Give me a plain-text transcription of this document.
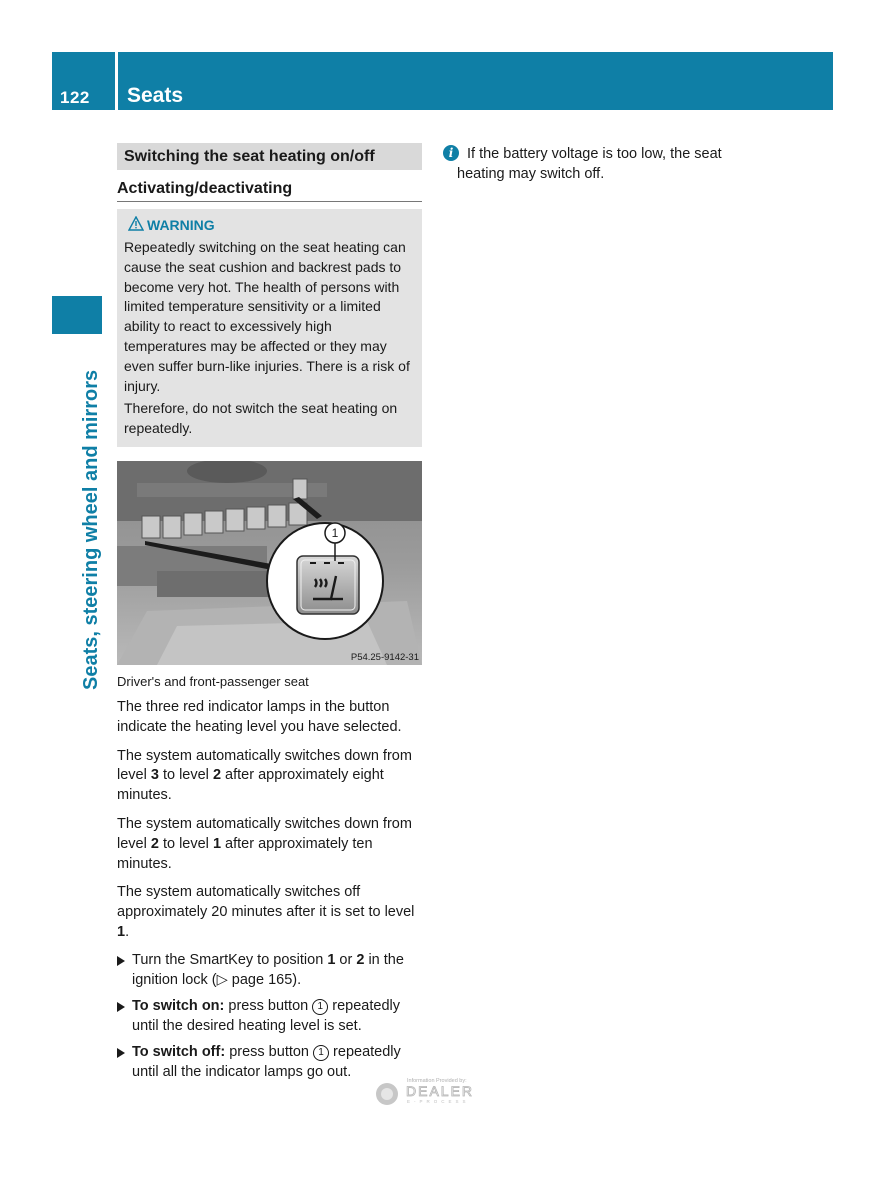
122 Seats
Seats, steering wheel and mirrors
Switching the seat heating on/off
Activating/deactivating
WARNING

Repeatedly switching on the seat heating can cause the seat cushion and backrest pads to become very hot. The health of persons with limited temperature sensitivity or a limited ability to react to excessively high temperatures may be affected or they may even suffer burn-like injuries. There is a risk of injury.

Therefore, do not switch the seat heating on repeatedly.

1
P54.25-9142-31
Driver's and front-passenger seat

The three red indicator lamps in the button indicate the heating level you have selected.

The system automatically switches down from level 3 to level 2 after approximately eight minutes.

The system automatically switches down from level 2 to level 1 after approximately ten minutes.

The system automatically switches off approximately 20 minutes after it is set to level 1.

Turn the SmartKey to position 1 or 2 in the ignition lock (▷ page 165).
To switch on: press button 1 repeatedly until the desired heating level is set.
To switch off: press button 1 repeatedly until all the indicator lamps go out.
i If the battery voltage is too low, the seat
heating may switch off.
Information Provided by:
DEALER
E-PROCESS
